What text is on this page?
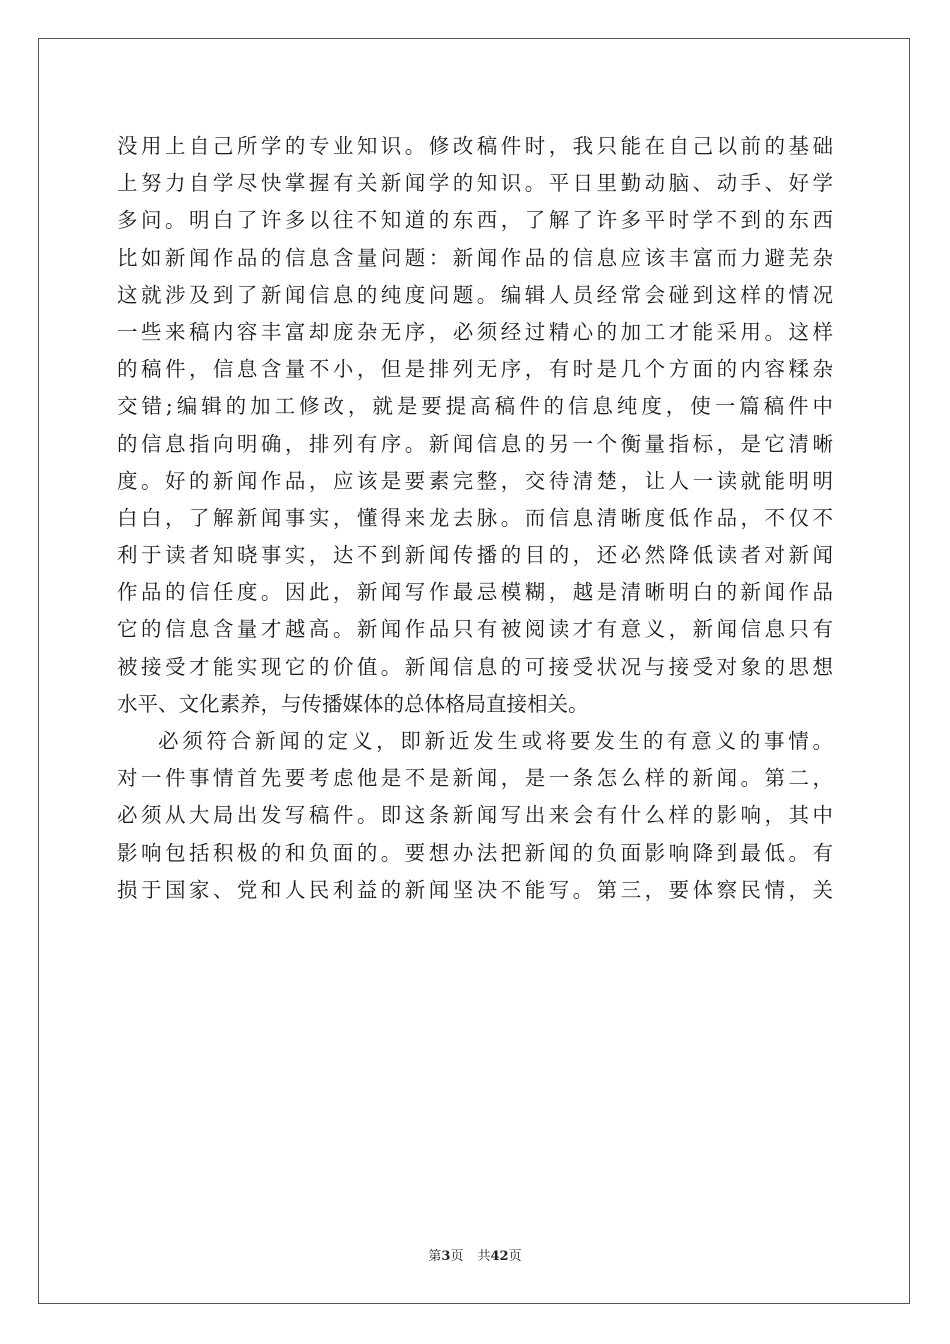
没用上自己所学的专业知识。修改稿件时，我只能在自己以前的基础
上努力自学尽快掌握有关新闻学的知识。平日里勤动脑、动手、好学
多问。明白了许多以往不知道的东西，了解了许多平时学不到的东西
比如新闻作品的信息含量问题：新闻作品的信息应该丰富而力避芜杂
这就涉及到了新闻信息的纯度问题。编辑人员经常会碰到这样的情况
一些来稿内容丰富却庞杂无序，必须经过精心的加工才能采用。这样
的稿件，信息含量不小，但是排列无序，有时是几个方面的内容糅杂
交错;编辑的加工修改，就是要提高稿件的信息纯度，使一篇稿件中
的信息指向明确，排列有序。新闻信息的另一个衡量指标，是它清晰
度。好的新闻作品，应该是要素完整，交待清楚，让人一读就能明明
白白，了解新闻事实，懂得来龙去脉。而信息清晰度低作品，不仅不
利于读者知晓事实，达不到新闻传播的目的，还必然降低读者对新闻
作品的信任度。因此，新闻写作最忌模糊，越是清晰明白的新闻作品
它的信息含量才越高。新闻作品只有被阅读才有意义，新闻信息只有
被接受才能实现它的价值。新闻信息的可接受状况与接受对象的思想
水平、文化素养，与传播媒体的总体格局直接相关。
必须符合新闻的定义，即新近发生或将要发生的有意义的事情。
对一件事情首先要考虑他是不是新闻，是一条怎么样的新闻。第二，
必须从大局出发写稿件。即这条新闻写出来会有什么样的影响，其中
影响包括积极的和负面的。要想办法把新闻的负面影响降到最低。有
损于国家、党和人民利益的新闻坚决不能写。第三，要体察民情，关
第3页 共42页
